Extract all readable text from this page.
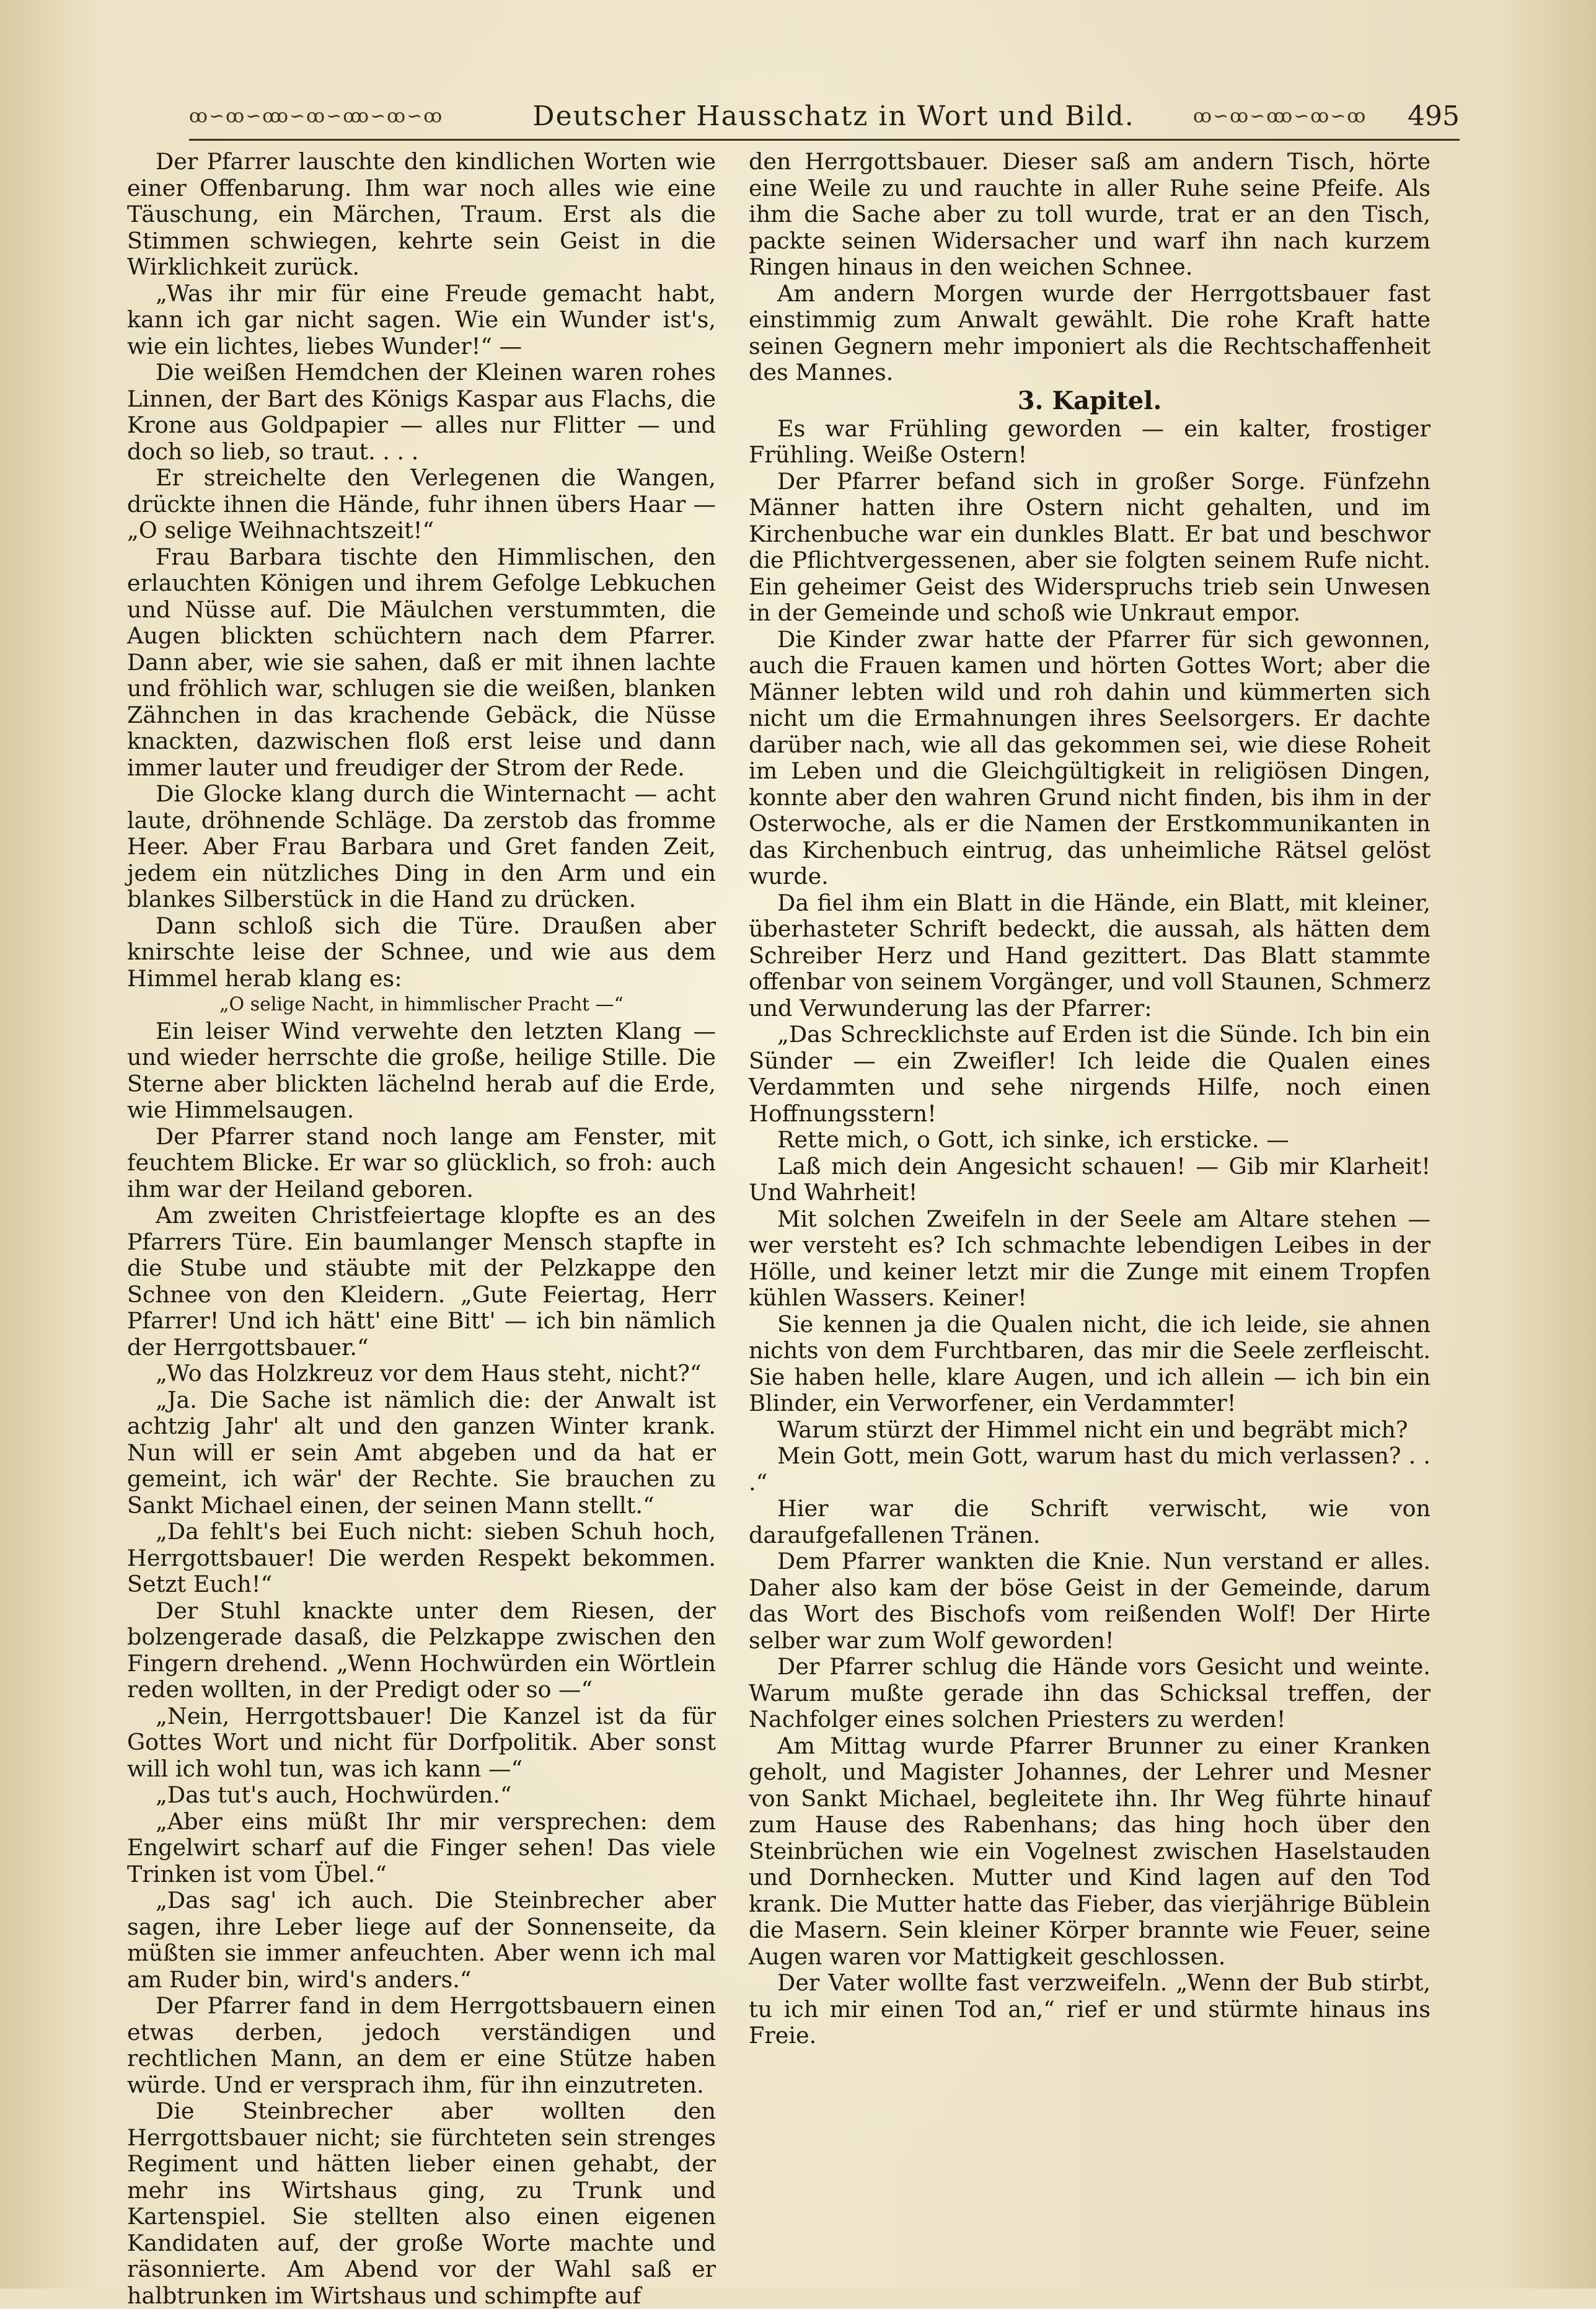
ꝏ∽ꝏ∽ꝏ
ꝏ∽ꝏ∽ꝏ
ꝏ∽ꝏ∽ꝏ	Deutscher Hausschatz in Wort und Bild.	ꝏ∽ꝏ∽ꝏ
ꝏ∽ꝏ∽ꝏ	495

Der Pfarrer lauschte den kindlichen Worten wie einer Offenbarung. Ihm war noch alles wie eine Täuschung, ein Märchen, Traum. Erst als die Stimmen schwiegen, kehrte sein Geist in die Wirklichkeit zurück.

„Was ihr mir für eine Freude gemacht habt, kann ich gar nicht sagen. Wie ein Wunder ist's, wie ein lichtes, liebes Wunder!“ —

Die weißen Hemdchen der Kleinen waren rohes Linnen, der Bart des Königs Kaspar aus Flachs, die Krone aus Goldpapier — alles nur Flitter — und doch so lieb, so traut. . . .

Er streichelte den Verlegenen die Wangen, drückte ihnen die Hände, fuhr ihnen übers Haar — „O selige Weihnachtszeit!“

Frau Barbara tischte den Himmlischen, den erlauchten Königen und ihrem Gefolge Lebkuchen und Nüsse auf. Die Mäulchen verstummten, die Augen blickten schüchtern nach dem Pfarrer. Dann aber, wie sie sahen, daß er mit ihnen lachte und fröhlich war, schlugen sie die weißen, blanken Zähnchen in das krachende Gebäck, die Nüsse knackten, dazwischen floß erst leise und dann immer lauter und freudiger der Strom der Rede.

Die Glocke klang durch die Winternacht — acht laute, dröhnende Schläge. Da zerstob das fromme Heer. Aber Frau Barbara und Gret fanden Zeit, jedem ein nützliches Ding in den Arm und ein blankes Silberstück in die Hand zu drücken.

Dann schloß sich die Türe. Draußen aber knirschte leise der Schnee, und wie aus dem Himmel herab klang es:

„O selige Nacht, in himmlischer Pracht —“

Ein leiser Wind verwehte den letzten Klang — und wieder herrschte die große, heilige Stille. Die Sterne aber blickten lächelnd herab auf die Erde, wie Himmelsaugen.

Der Pfarrer stand noch lange am Fenster, mit feuchtem Blicke. Er war so glücklich, so froh: auch ihm war der Heiland geboren.

Am zweiten Christfeiertage klopfte es an des Pfarrers Türe. Ein baumlanger Mensch stapfte in die Stube und stäubte mit der Pelzkappe den Schnee von den Kleidern. „Gute Feiertag, Herr Pfarrer! Und ich hätt' eine Bitt' — ich bin nämlich der Herrgottsbauer.“

„Wo das Holzkreuz vor dem Haus steht, nicht?“

„Ja. Die Sache ist nämlich die: der Anwalt ist achtzig Jahr' alt und den ganzen Winter krank. Nun will er sein Amt abgeben und da hat er gemeint, ich wär' der Rechte. Sie brauchen zu Sankt Michael einen, der seinen Mann stellt.“

„Da fehlt's bei Euch nicht: sieben Schuh hoch, Herrgottsbauer! Die werden Respekt bekommen. Setzt Euch!“

Der Stuhl knackte unter dem Riesen, der bolzengerade dasaß, die Pelzkappe zwischen den Fingern drehend. „Wenn Hochwürden ein Wörtlein reden wollten, in der Predigt oder so —“

„Nein, Herrgottsbauer! Die Kanzel ist da für Gottes Wort und nicht für Dorfpolitik. Aber sonst will ich wohl tun, was ich kann —“

„Das tut's auch, Hochwürden.“

„Aber eins müßt Ihr mir versprechen: dem Engelwirt scharf auf die Finger sehen! Das viele Trinken ist vom Übel.“

„Das sag' ich auch. Die Steinbrecher aber sagen, ihre Leber liege auf der Sonnenseite, da müßten sie immer anfeuchten. Aber wenn ich mal am Ruder bin, wird's anders.“

Der Pfarrer fand in dem Herrgottsbauern einen etwas derben, jedoch verständigen und rechtlichen Mann, an dem er eine Stütze haben würde. Und er versprach ihm, für ihn einzutreten.

Die Steinbrecher aber wollten den Herrgottsbauer nicht; sie fürchteten sein strenges Regiment und hätten lieber einen gehabt, der mehr ins Wirtshaus ging, zu Trunk und Kartenspiel. Sie stellten also einen eigenen Kandidaten auf, der große Worte machte und räsonnierte. Am Abend vor der Wahl saß er halbtrunken im Wirtshaus und schimpfte auf

den Herrgottsbauer. Dieser saß am andern Tisch, hörte eine Weile zu und rauchte in aller Ruhe seine Pfeife. Als ihm die Sache aber zu toll wurde, trat er an den Tisch, packte seinen Widersacher und warf ihn nach kurzem Ringen hinaus in den weichen Schnee.

Am andern Morgen wurde der Herrgottsbauer fast einstimmig zum Anwalt gewählt. Die rohe Kraft hatte seinen Gegnern mehr imponiert als die Rechtschaffenheit des Mannes.

3. Kapitel.

Es war Frühling geworden — ein kalter, frostiger Frühling. Weiße Ostern!

Der Pfarrer befand sich in großer Sorge. Fünfzehn Männer hatten ihre Ostern nicht gehalten, und im Kirchenbuche war ein dunkles Blatt. Er bat und beschwor die Pflichtvergessenen, aber sie folgten seinem Rufe nicht. Ein geheimer Geist des Widerspruchs trieb sein Unwesen in der Gemeinde und schoß wie Unkraut empor.

Die Kinder zwar hatte der Pfarrer für sich gewonnen, auch die Frauen kamen und hörten Gottes Wort; aber die Männer lebten wild und roh dahin und kümmerten sich nicht um die Ermahnungen ihres Seelsorgers. Er dachte darüber nach, wie all das gekommen sei, wie diese Roheit im Leben und die Gleichgültigkeit in religiösen Dingen, konnte aber den wahren Grund nicht finden, bis ihm in der Osterwoche, als er die Namen der Erstkommunikanten in das Kirchenbuch eintrug, das unheimliche Rätsel gelöst wurde.

Da fiel ihm ein Blatt in die Hände, ein Blatt, mit kleiner, überhasteter Schrift bedeckt, die aussah, als hätten dem Schreiber Herz und Hand gezittert. Das Blatt stammte offenbar von seinem Vorgänger, und voll Staunen, Schmerz und Verwunderung las der Pfarrer:

„Das Schrecklichste auf Erden ist die Sünde. Ich bin ein Sünder — ein Zweifler! Ich leide die Qualen eines Verdammten und sehe nirgends Hilfe, noch einen Hoffnungsstern!

Rette mich, o Gott, ich sinke, ich ersticke. —

Laß mich dein Angesicht schauen! — Gib mir Klarheit! Und Wahrheit!

Mit solchen Zweifeln in der Seele am Altare stehen — wer versteht es? Ich schmachte lebendigen Leibes in der Hölle, und keiner letzt mir die Zunge mit einem Tropfen kühlen Wassers. Keiner!

Sie kennen ja die Qualen nicht, die ich leide, sie ahnen nichts von dem Furchtbaren, das mir die Seele zerfleischt. Sie haben helle, klare Augen, und ich allein — ich bin ein Blinder, ein Verworfener, ein Verdammter!

Warum stürzt der Himmel nicht ein und begräbt mich?

Mein Gott, mein Gott, warum hast du mich verlassen? . . .“

Hier war die Schrift verwischt, wie von daraufgefallenen Tränen.

Dem Pfarrer wankten die Knie. Nun verstand er alles. Daher also kam der böse Geist in der Gemeinde, darum das Wort des Bischofs vom reißenden Wolf! Der Hirte selber war zum Wolf geworden!

Der Pfarrer schlug die Hände vors Gesicht und weinte. Warum mußte gerade ihn das Schicksal treffen, der Nachfolger eines solchen Priesters zu werden!

Am Mittag wurde Pfarrer Brunner zu einer Kranken geholt, und Magister Johannes, der Lehrer und Mesner von Sankt Michael, begleitete ihn. Ihr Weg führte hinauf zum Hause des Rabenhans; das hing hoch über den Steinbrüchen wie ein Vogelnest zwischen Haselstauden und Dornhecken. Mutter und Kind lagen auf den Tod krank. Die Mutter hatte das Fieber, das vierjährige Büblein die Masern. Sein kleiner Körper brannte wie Feuer, seine Augen waren vor Mattigkeit geschlossen.

Der Vater wollte fast verzweifeln. „Wenn der Bub stirbt, tu ich mir einen Tod an,“ rief er und stürmte hinaus ins Freie.
